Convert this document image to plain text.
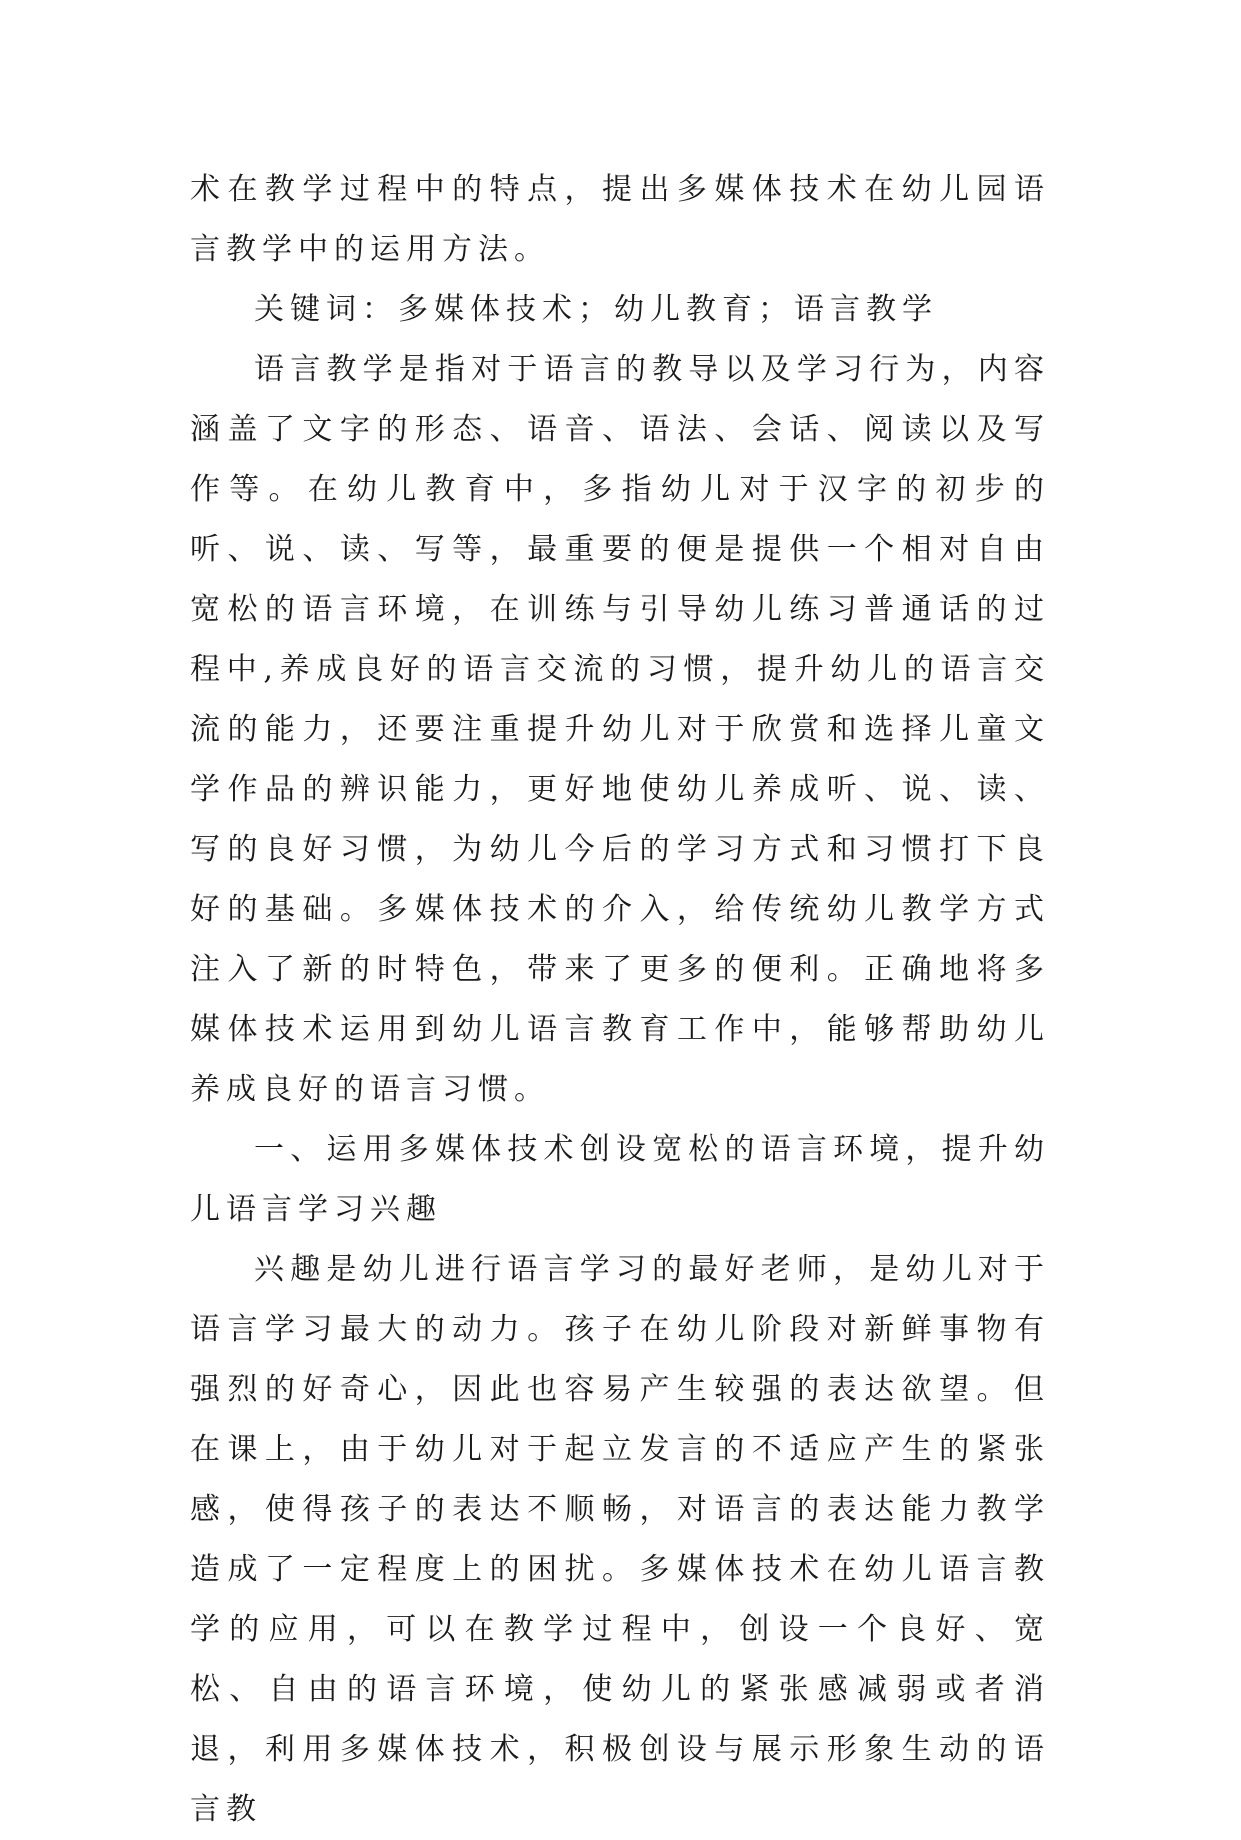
术在教学过程中的特点，提出多媒体技术在幼儿园语言教学中的运用方法。

关键词：多媒体技术；幼儿教育；语言教学

语言教学是指对于语言的教导以及学习行为，内容涵盖了文字的形态、语音、语法、会话、阅读以及写作等。在幼儿教育中，多指幼儿对于汉字的初步的听、说、读、写等，最重要的便是提供一个相对自由宽松的语言环境，在训练与引导幼儿练习普通话的过程中,养成良好的语言交流的习惯，提升幼儿的语言交流的能力，还要注重提升幼儿对于欣赏和选择儿童文学作品的辨识能力，更好地使幼儿养成听、说、读、写的良好习惯，为幼儿今后的学习方式和习惯打下良好的基础。多媒体技术的介入，给传统幼儿教学方式注入了新的时特色，带来了更多的便利。正确地将多媒体技术运用到幼儿语言教育工作中，能够帮助幼儿养成良好的语言习惯。

一、运用多媒体技术创设宽松的语言环境，提升幼儿语言学习兴趣

兴趣是幼儿进行语言学习的最好老师，是幼儿对于语言学习最大的动力。孩子在幼儿阶段对新鲜事物有强烈的好奇心，因此也容易产生较强的表达欲望。但在课上，由于幼儿对于起立发言的不适应产生的紧张感，使得孩子的表达不顺畅，对语言的表达能力教学造成了一定程度上的困扰。多媒体技术在幼儿语言教学的应用，可以在教学过程中，创设一个良好、宽松、自由的语言环境，使幼儿的紧张感减弱或者消退，利用多媒体技术，积极创设与展示形象生动的语言教
